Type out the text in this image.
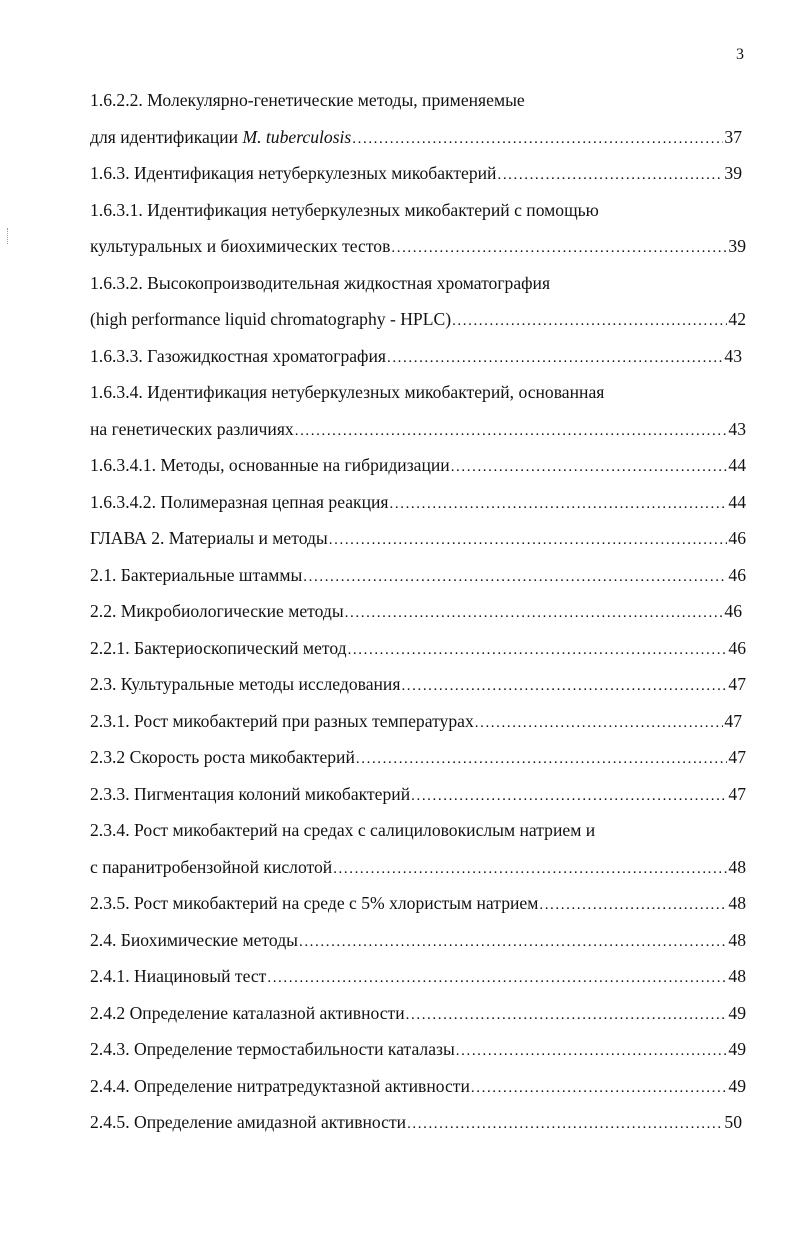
3
1.6.2.2. Молекулярно-генетические методы, применяемые
для идентификации M. tuberculosis .....	37
1.6.3. Идентификация нетуберкулезных микобактерий .....	39
1.6.3.1. Идентификация нетуберкулезных микобактерий с помощью
культуральных и биохимических тестов .....	39
1.6.3.2. Высокопроизводительная жидкостная хроматография
(high performance liquid chromatography - HPLC) .....	42
1.6.3.3. Газожидкостная хроматография .....	43
1.6.3.4. Идентификация нетуберкулезных микобактерий, основанная
на генетических различиях .....	43
1.6.3.4.1. Методы, основанные на гибридизации .....	44
1.6.3.4.2. Полимеразная цепная реакция .....	44
ГЛАВА 2. Материалы и методы .....	46
2.1. Бактериальные штаммы .....	46
2.2. Микробиологические методы .....	46
2.2.1. Бактериоскопический метод .....	46
2.3. Культуральные методы исследования .....	47
2.3.1. Рост микобактерий при разных температурах .....	47
2.3.2 Скорость роста микобактерий .....	47
2.3.3. Пигментация колоний микобактерий .....	47
2.3.4. Рост микобактерий на средах с салициловокислым натрием и
с паранитробензойной кислотой .....	48
2.3.5. Рост микобактерий на среде с 5% хлористым натрием .....	48
2.4. Биохимические методы .....	48
2.4.1. Ниациновый тест .....	48
2.4.2 Определение каталазной активности .....	49
2.4.3. Определение термостабильности каталазы .....	49
2.4.4. Определение нитратредуктазной активности .....	49
2.4.5. Определение амидазной активности .....	50
